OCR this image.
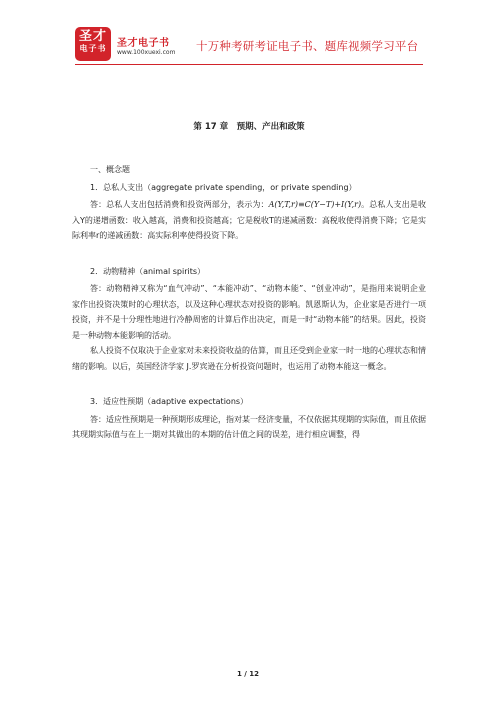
圣才
电子书	圣才电子书
www.100xuexi.com 十万种考研考证电子书、题库视频学习平台
第 17 章　预期、产出和政策

一、概念题

1．总私人支出（aggregate private spending，or private spending）

答：总私人支出包括消费和投资两部分，表示为：A(Y,T,r)≡C(Y−T)+I(Y,r)。总私人支出是收入Y的递增函数：收入越高，消费和投资越高；它是税收T的递减函数：高税收使得消费下降；它是实际利率r的递减函数：高实际利率使得投资下降。

2．动物精神（animal spirits）

答：动物精神又称为“血气冲动”、“本能冲动”、“动物本能”、“创业冲动”，是指用来说明企业家作出投资决策时的心理状态，以及这种心理状态对投资的影响。凯恩斯认为，企业家是否进行一项投资，并不是十分理性地进行冷静周密的计算后作出决定，而是一时“动物本能”的结果。因此，投资是一种动物本能影响的活动。

私人投资不仅取决于企业家对未来投资收益的估算，而且还受到企业家一时一地的心理状态和情绪的影响。以后，英国经济学家 J.罗宾逊在分析投资问题时，也运用了动物本能这一概念。

3．适应性预期（adaptive expectations）

答：适应性预期是一种预期形成理论，指对某一经济变量，不仅依据其现期的实际值，而且依据其现期实际值与在上一期对其做出的本期的估计值之间的误差，进行相应调整，得

1 / 12
